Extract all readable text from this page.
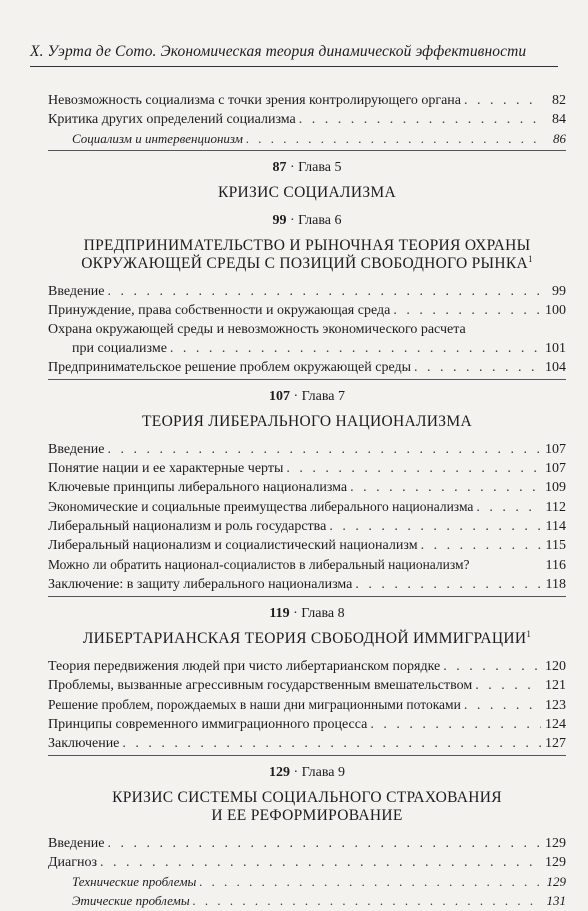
Х. Уэрта де Сото. Экономическая теория динамической эффективности
Невозможность социализма с точки зрения контролирующего органа . . .	82
Критика других определений социализма . . .	84
Социализм и интервенционизм . . .	86
87 · Глава 5
КРИЗИС СОЦИАЛИЗМА
99 · Глава 6
ПРЕДПРИНИМАТЕЛЬСТВО И РЫНОЧНАЯ ТЕОРИЯ ОХРАНЫ
ОКРУЖАЮЩЕЙ СРЕДЫ С ПОЗИЦИЙ СВОБОДНОГО РЫНКА$^1$
Введение . . .	99
Принуждение, права собственности и окружающая среда . . .	100
Охрана окружающей среды и невозможность экономического расчета
при социализме . . .	101
Предпринимательское решение проблем окружающей среды . . .	104
107 · Глава 7
ТЕОРИЯ ЛИБЕРАЛЬНОГО НАЦИОНАЛИЗМА
Введение . . .	107
Понятие нации и ее характерные черты . . .	107
Ключевые принципы либерального национализма . . .	109
Экономические и социальные преимущества либерального национализма . . .	112
Либеральный национализм и роль государства . . .	114
Либеральный национализм и социалистический национализм . . .	115
Можно ли обратить национал-социалистов в либеральный национализм?	116
Заключение: в защиту либерального национализма . . .	118
119 · Глава 8
ЛИБЕРТАРИАНСКАЯ ТЕОРИЯ СВОБОДНОЙ ИММИГРАЦИИ$^1$
Теория передвижения людей при чисто либертарианском порядке . . .	120
Проблемы, вызванные агрессивным государственным вмешательством . . .	121
Решение проблем, порождаемых в наши дни миграционными потоками . . .	123
Принципы современного иммиграционного процесса . . .	124
Заключение . . .	127
129 · Глава 9
КРИЗИС СИСТЕМЫ СОЦИАЛЬНОГО СТРАХОВАНИЯ
И ЕЕ РЕФОРМИРОВАНИЕ
Введение . . .	129
Диагноз . . .	129
Технические проблемы . . .	129
Этические проблемы . . .	131
